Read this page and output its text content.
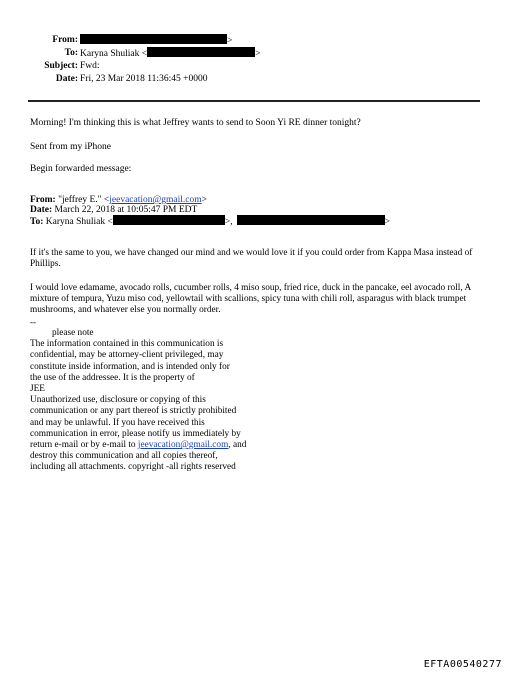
From:	>
To: Karyna Shuliak <	>
Subject: Fwd:
Date: Fri, 23 Mar 2018 11:36:45 +0000
Morning! I'm thinking this is what Jeffrey wants to send to Soon Yi RE dinner tonight?
Sent from my iPhone
Begin forwarded message:
From: "jeffrey E." <jeevacation@gmail.com>
Date: March 22, 2018 at 10:05:47 PM EDT
To: Karyna Shuliak <	>,	>
If it's the same to you, we have changed our mind and we would love it if you could order from Kappa Masa instead of Phillips.
I would love edamame, avocado rolls, cucumber rolls, 4 miso soup, fried rice, duck in the pancake, eel avocado roll, A mixture of tempura, Yuzu miso cod, yellowtail with scallions, spicy tuna with chili roll, asparagus with black trumpet mushrooms, and whatever else you normally order.
--
please note
The information contained in this communication is
confidential, may be attorney-client privileged, may
constitute inside information, and is intended only for
the use of the addressee. It is the property of
JEE
Unauthorized use, disclosure or copying of this
communication or any part thereof is strictly prohibited
and may be unlawful. If you have received this
communication in error, please notify us immediately by
return e-mail or by e-mail to jeevacation@gmail.com, and
destroy this communication and all copies thereof,
including all attachments. copyright -all rights reserved
EFTA00540277
